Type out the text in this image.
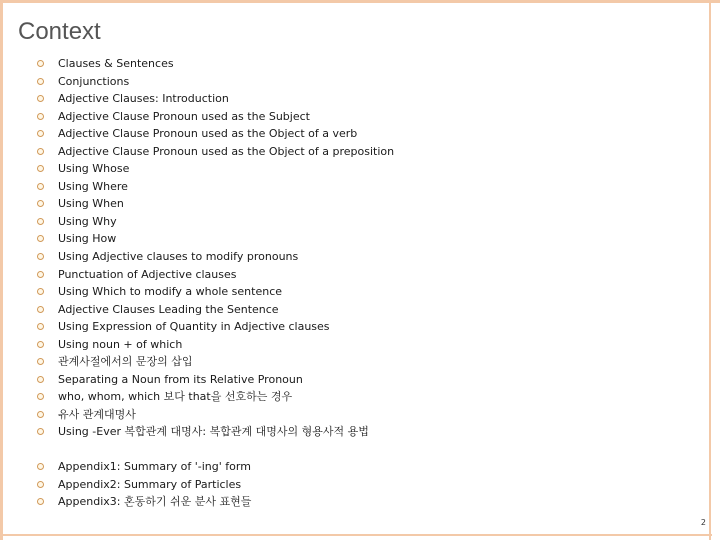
Context
Clauses & Sentences
Conjunctions
Adjective Clauses: Introduction
Adjective Clause Pronoun used as the Subject
Adjective Clause Pronoun used as the Object of a verb
Adjective Clause Pronoun used as the Object of a preposition
Using Whose
Using Where
Using When
Using Why
Using How
Using Adjective clauses to modify pronouns
Punctuation of Adjective clauses
Using Which to modify a whole sentence
Adjective Clauses Leading the Sentence
Using Expression of Quantity in Adjective clauses
Using noun + of which
관계사절에서의 문장의 삽입
Separating a Noun from its Relative Pronoun
who, whom, which 보다 that을 선호하는 경우
유사 관계대명사
Using -Ever 복합관계 대명사: 복합관계 대명사의 형용사적 용법
Appendix1: Summary of '-ing' form
Appendix2: Summary of Particles
Appendix3: 혼동하기 쉬운 분사 표현들
2
